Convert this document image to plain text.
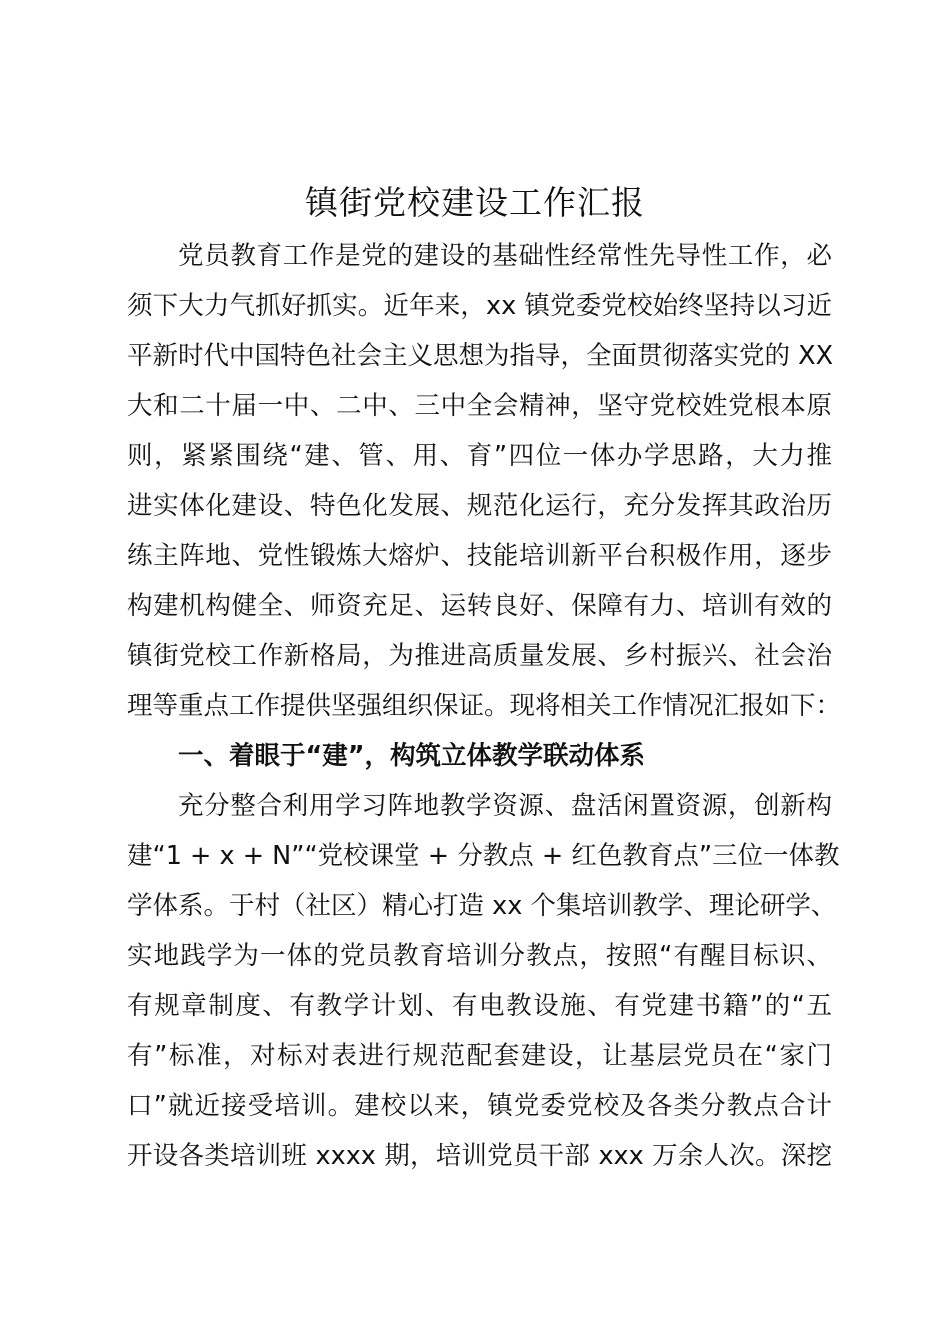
镇街党校建设工作汇报
党员教育工作是党的建设的基础性经常性先导性工作，必
须下大力气抓好抓实。近年来，xx 镇党委党校始终坚持以习近
平新时代中国特色社会主义思想为指导，全面贯彻落实党的 XX
大和二十届一中、二中、三中全会精神，坚守党校姓党根本原
则，紧紧围绕“建、管、用、育”四位一体办学思路，大力推
进实体化建设、特色化发展、规范化运行，充分发挥其政治历
练主阵地、党性锻炼大熔炉、技能培训新平台积极作用，逐步
构建机构健全、师资充足、运转良好、保障有力、培训有效的
镇街党校工作新格局，为推进高质量发展、乡村振兴、社会治
理等重点工作提供坚强组织保证。现将相关工作情况汇报如下：
一、着眼于“建”，构筑立体教学联动体系
充分整合利用学习阵地教学资源、盘活闲置资源，创新构
建“1 + x + N”“党校课堂 + 分教点 + 红色教育点”三位一体教
学体系。于村（社区）精心打造 xx 个集培训教学、理论研学、
实地践学为一体的党员教育培训分教点，按照“有醒目标识、
有规章制度、有教学计划、有电教设施、有党建书籍”的“五
有”标准，对标对表进行规范配套建设，让基层党员在“家门
口”就近接受培训。建校以来，镇党委党校及各类分教点合计
开设各类培训班 xxxx 期，培训党员干部 xxx 万余人次。深挖
